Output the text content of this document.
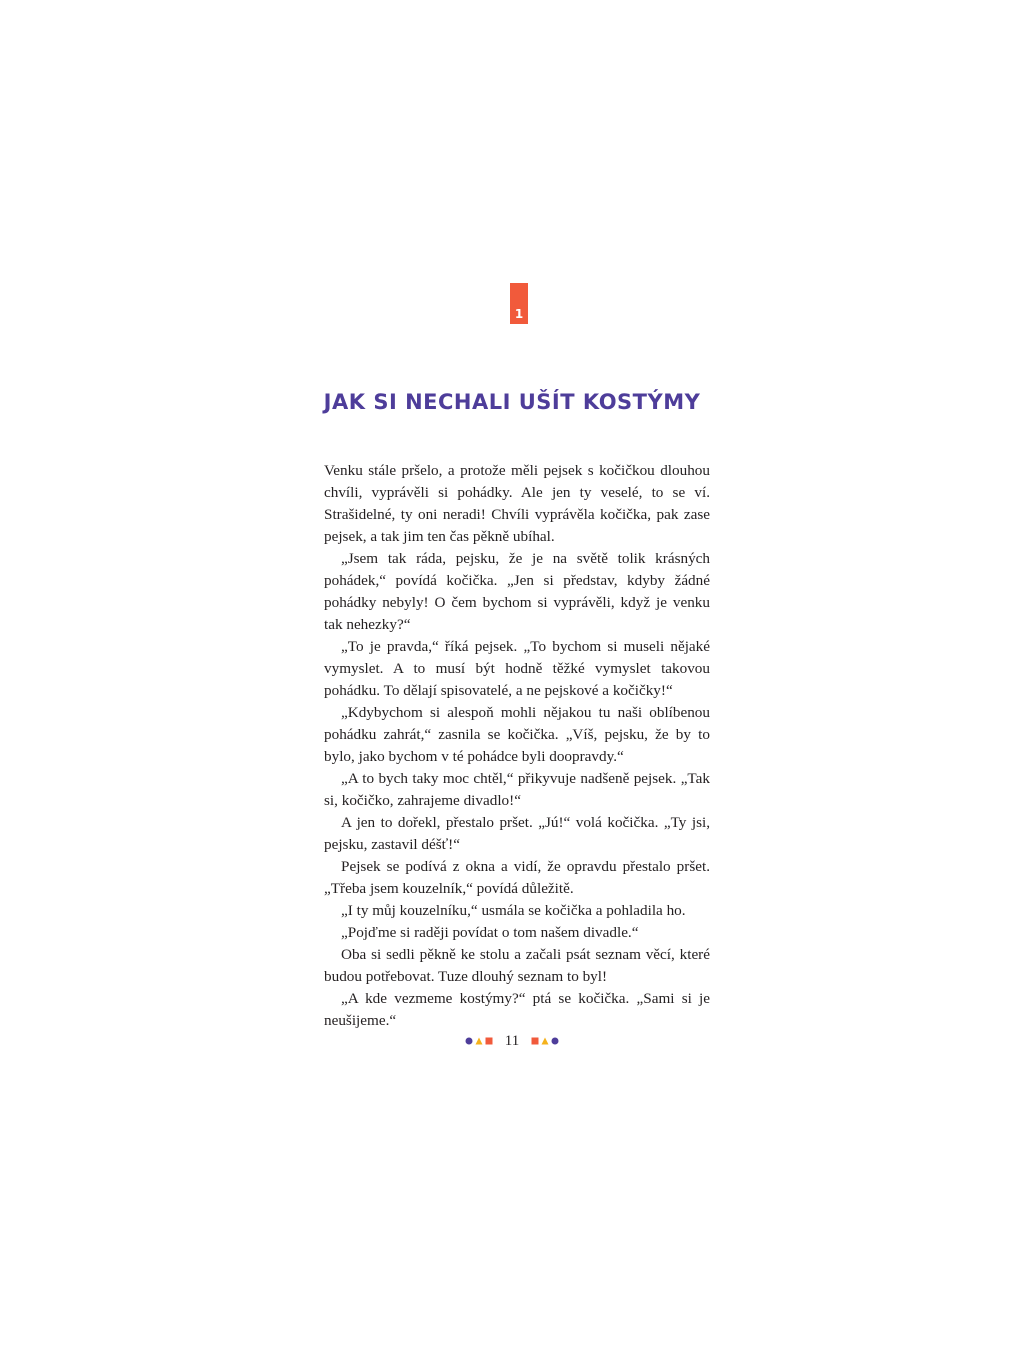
1
JAK SI NECHALI UŠÍT KOSTÝMY

Venku stále pršelo, a protože měli pejsek s kočičkou dlouhou chvíli, vyprávěli si pohádky. Ale jen ty veselé, to se ví. Strašidelné, ty oni neradi! Chvíli vyprávěla kočička, pak zase pejsek, a tak jim ten čas pěkně ubíhal.

„Jsem tak ráda, pejsku, že je na světě tolik krásných pohádek,“ povídá kočička. „Jen si představ, kdyby žádné pohádky nebyly! O čem bychom si vyprávěli, když je venku tak nehezky?“

„To je pravda,“ říká pejsek. „To bychom si museli nějaké vymyslet. A to musí být hodně těžké vymyslet takovou pohádku. To dělají spisovatelé, a ne pejskové a kočičky!“

„Kdybychom si alespoň mohli nějakou tu naši oblíbenou pohádku zahrát,“ zasnila se kočička. „Víš, pejsku, že by to bylo, jako bychom v té pohádce byli doopravdy.“

„A to bych taky moc chtěl,“ přikyvuje nadšeně pejsek. „Tak si, kočičko, zahrajeme divadlo!“

A jen to dořekl, přestalo pršet. „Jú!“ volá kočička. „Ty jsi, pejsku, zastavil déšť!“

Pejsek se podívá z okna a vidí, že opravdu přestalo pršet. „Třeba jsem kouzelník,“ povídá důležitě.

„I ty můj kouzelníku,“ usmála se kočička a pohladila ho.

„Pojďme si raději povídat o tom našem divadle.“

Oba si sedli pěkně ke stolu a začali psát seznam věcí, které budou potřebovat. Tuze dlouhý seznam to byl!

„A kde vezmeme kostýmy?“ ptá se kočička. „Sami si je neušijeme.“

11
